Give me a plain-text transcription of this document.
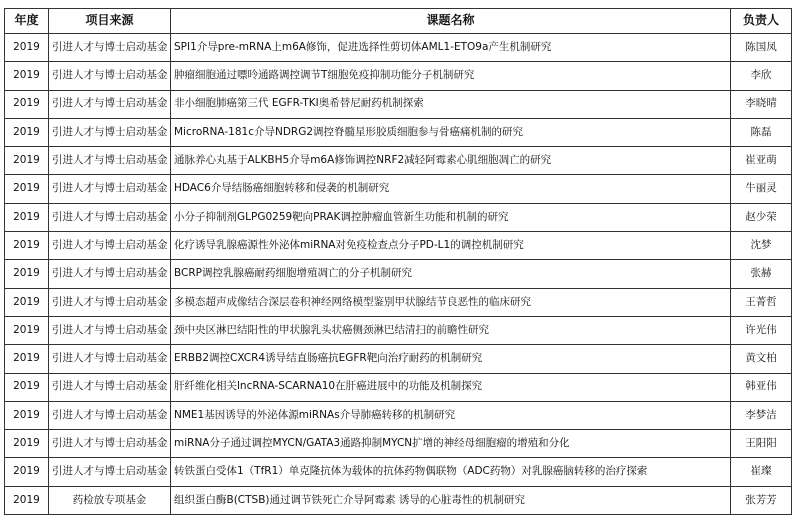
年度	项目来源	课题名称	负责人
2019	引进人才与博士启动基金	SPI1介导pre-mRNA上m6A修饰，促进选择性剪切体AML1-ETO9a产生机制研究	陈国凤
2019	引进人才与博士启动基金	肿瘤细胞通过嘌呤通路调控调节T细胞免疫抑制功能分子机制研究	李欣
2019	引进人才与博士启动基金	非小细胞肺癌第三代 EGFR-TKI奥希替尼耐药机制探索	李晓晴
2019	引进人才与博士启动基金	MicroRNA-181c介导NDRG2调控脊髓星形胶质细胞参与骨癌痛机制的研究	陈磊
2019	引进人才与博士启动基金	通脉养心丸基于ALKBH5介导m6A修饰调控NRF2减轻阿霉素心肌细胞凋亡的研究	崔亚萌
2019	引进人才与博士启动基金	HDAC6介导结肠癌细胞转移和侵袭的机制研究	牛丽灵
2019	引进人才与博士启动基金	小分子抑制剂GLPG0259靶向PRAK调控肿瘤血管新生功能和机制的研究	赵少荣
2019	引进人才与博士启动基金	化疗诱导乳腺癌源性外泌体miRNA对免疫检查点分子PD-L1的调控机制研究	沈梦
2019	引进人才与博士启动基金	BCRP调控乳腺癌耐药细胞增殖凋亡的分子机制研究	张赫
2019	引进人才与博士启动基金	多模态超声成像结合深层卷积神经网络模型鉴别甲状腺结节良恶性的临床研究	王菁哲
2019	引进人才与博士启动基金	颈中央区淋巴结阳性的甲状腺乳头状癌侧颈淋巴结清扫的前瞻性研究	许光伟
2019	引进人才与博士启动基金	ERBB2调控CXCR4诱导结直肠癌抗EGFR靶向治疗耐药的机制研究	黄文柏
2019	引进人才与博士启动基金	肝纤维化相关lncRNA-SCARNA10在肝癌进展中的功能及机制探究	韩亚伟
2019	引进人才与博士启动基金	NME1基因诱导的外泌体源miRNAs介导肺癌转移的机制研究	李梦洁
2019	引进人才与博士启动基金	miRNA分子通过调控MYCN/GATA3通路抑制MYCN扩增的神经母细胞瘤的增殖和分化	王阳阳
2019	引进人才与博士启动基金	转铁蛋白受体1（TfR1）单克隆抗体为载体的抗体药物偶联物（ADC药物）对乳腺癌脑转移的治疗探索	崔璨
2019	药检放专项基金	组织蛋白酶B(CTSB)通过调节铁死亡介导阿霉素 诱导的心脏毒性的机制研究	张芳芳
